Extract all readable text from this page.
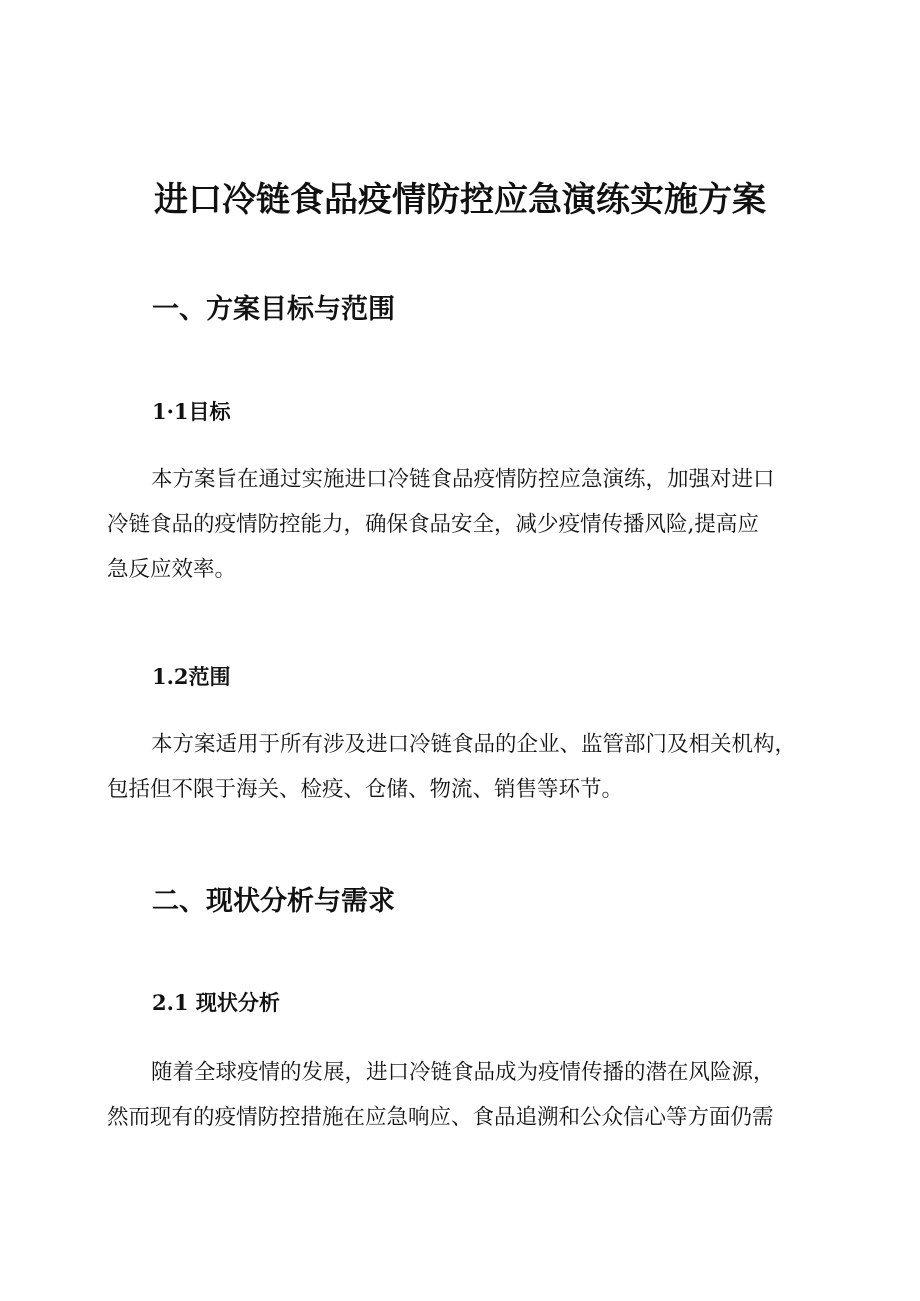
进口冷链食品疫情防控应急演练实施方案
一、方案目标与范围
1·1目标

本方案旨在通过实施进口冷链食品疫情防控应急演练，加强对进口
冷链食品的疫情防控能力，确保食品安全，减少疫情传播风险,提高应
急反应效率。

1.2范围

本方案适用于所有涉及进口冷链食品的企业、监管部门及相关机构，
包括但不限于海关、检疫、仓储、物流、销售等环节。

二、现状分析与需求
2.1 现状分析

随着全球疫情的发展，进口冷链食品成为疫情传播的潜在风险源，
然而现有的疫情防控措施在应急响应、食品追溯和公众信心等方面仍需
